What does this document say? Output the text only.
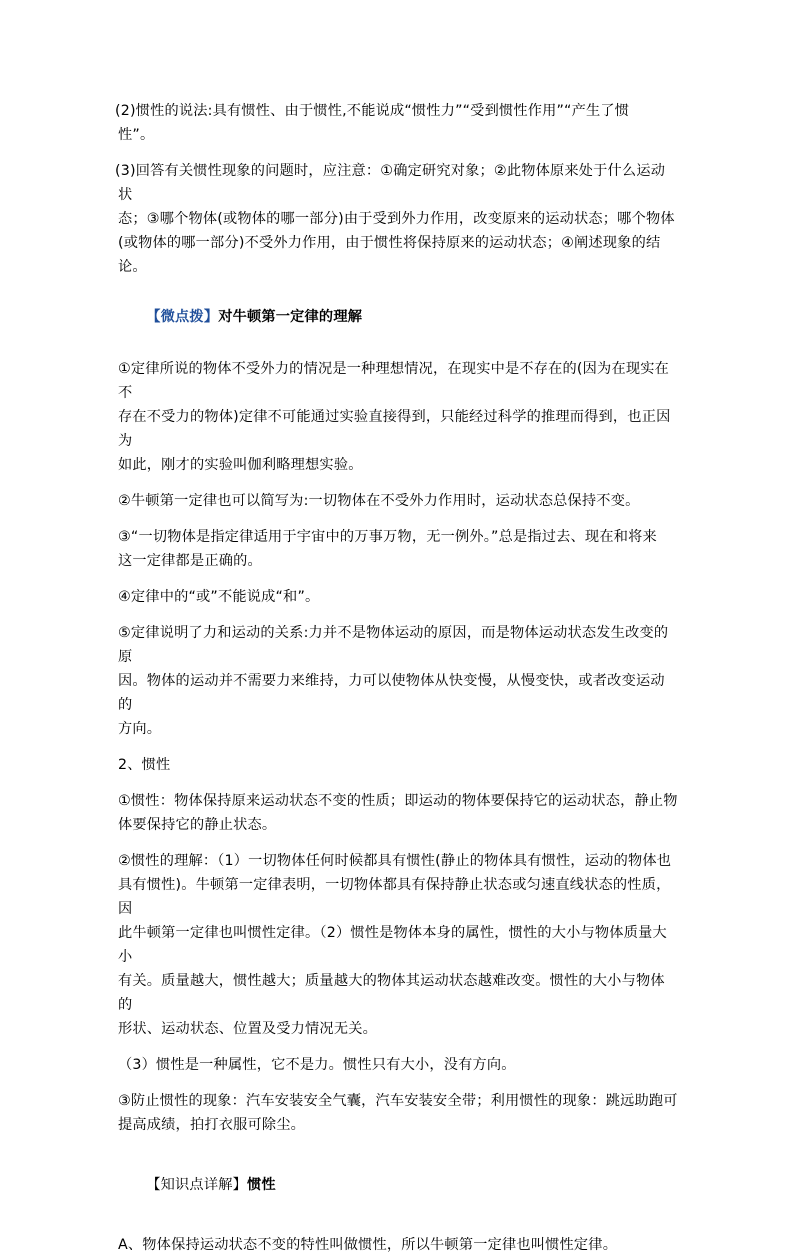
(2)惯性的说法:具有惯性、由于惯性,不能说成“惯性力”“受到惯性作用”“产生了惯

性”。

(3)回答有关惯性现象的问题时，应注意：①确定研究对象；②此物体原来处于什么运动状

态；③哪个物体(或物体的哪一部分)由于受到外力作用，改变原来的运动状态；哪个物体

(或物体的哪一部分)不受外力作用，由于惯性将保持原来的运动状态；④阐述现象的结

论。

【微点拨】对牛顿第一定律的理解

①定律所说的物体不受外力的情况是一种理想情况，在现实中是不存在的(因为在现实在不

存在不受力的物体)定律不可能通过实验直接得到，只能经过科学的推理而得到，也正因为

如此，刚才的实验叫伽利略理想实验。

②牛顿第一定律也可以简写为:一切物体在不受外力作用时，运动状态总保持不变。

③“一切物体是指定律适用于宇宙中的万事万物，无一例外。”总是指过去、现在和将来

这一定律都是正确的。

④定律中的“或”不能说成“和”。

⑤定律说明了力和运动的关系:力并不是物体运动的原因，而是物体运动状态发生改变的原

因。物体的运动并不需要力来维持，力可以使物体从快变慢，从慢变快，或者改变运动的

方向。

2、惯性

①惯性：物体保持原来运动状态不变的性质；即运动的物体要保持它的运动状态，静止物

体要保持它的静止状态。

②惯性的理解：（1）一切物体任何时候都具有惯性(静止的物体具有惯性，运动的物体也

具有惯性)。牛顿第一定律表明，一切物体都具有保持静止状态或匀速直线状态的性质，因

此牛顿第一定律也叫惯性定律。（2）惯性是物体本身的属性，惯性的大小与物体质量大小

有关。质量越大，惯性越大；质量越大的物体其运动状态越难改变。惯性的大小与物体的

形状、运动状态、位置及受力情况无关。

（3）惯性是一种属性，它不是力。惯性只有大小，没有方向。

③防止惯性的现象：汽车安装安全气囊，汽车安装安全带；利用惯性的现象：跳远助跑可

提高成绩，拍打衣服可除尘。

【知识点详解】惯性

A、物体保持运动状态不变的特性叫做惯性，所以牛顿第一定律也叫惯性定律。
